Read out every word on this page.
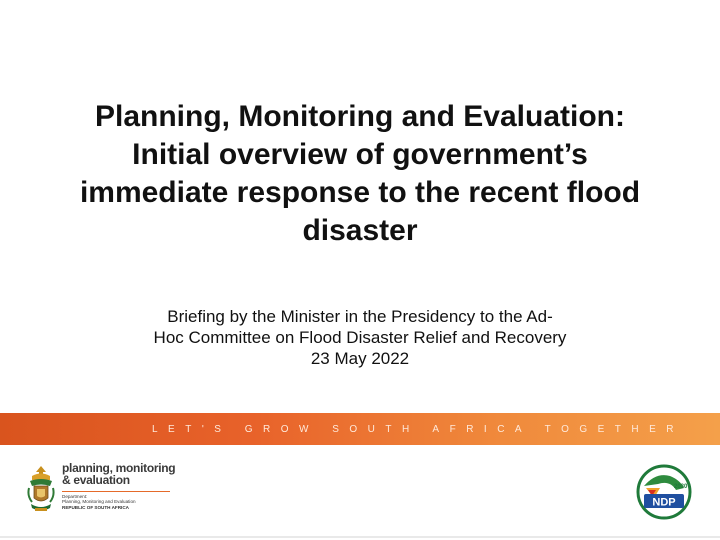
Planning, Monitoring and Evaluation:
Initial overview of government’s
immediate response to the recent flood
disaster
Briefing by the Minister in the Presidency to the Ad-
Hoc Committee on Flood Disaster Relief and Recovery
23 May 2022
LET'S GROW SOUTH AFRICA TOGETHER
planning, monitoring
& evaluation
Department:
Planning, Monitoring and Evaluation
REPUBLIC OF SOUTH AFRICA
2030
NDP
